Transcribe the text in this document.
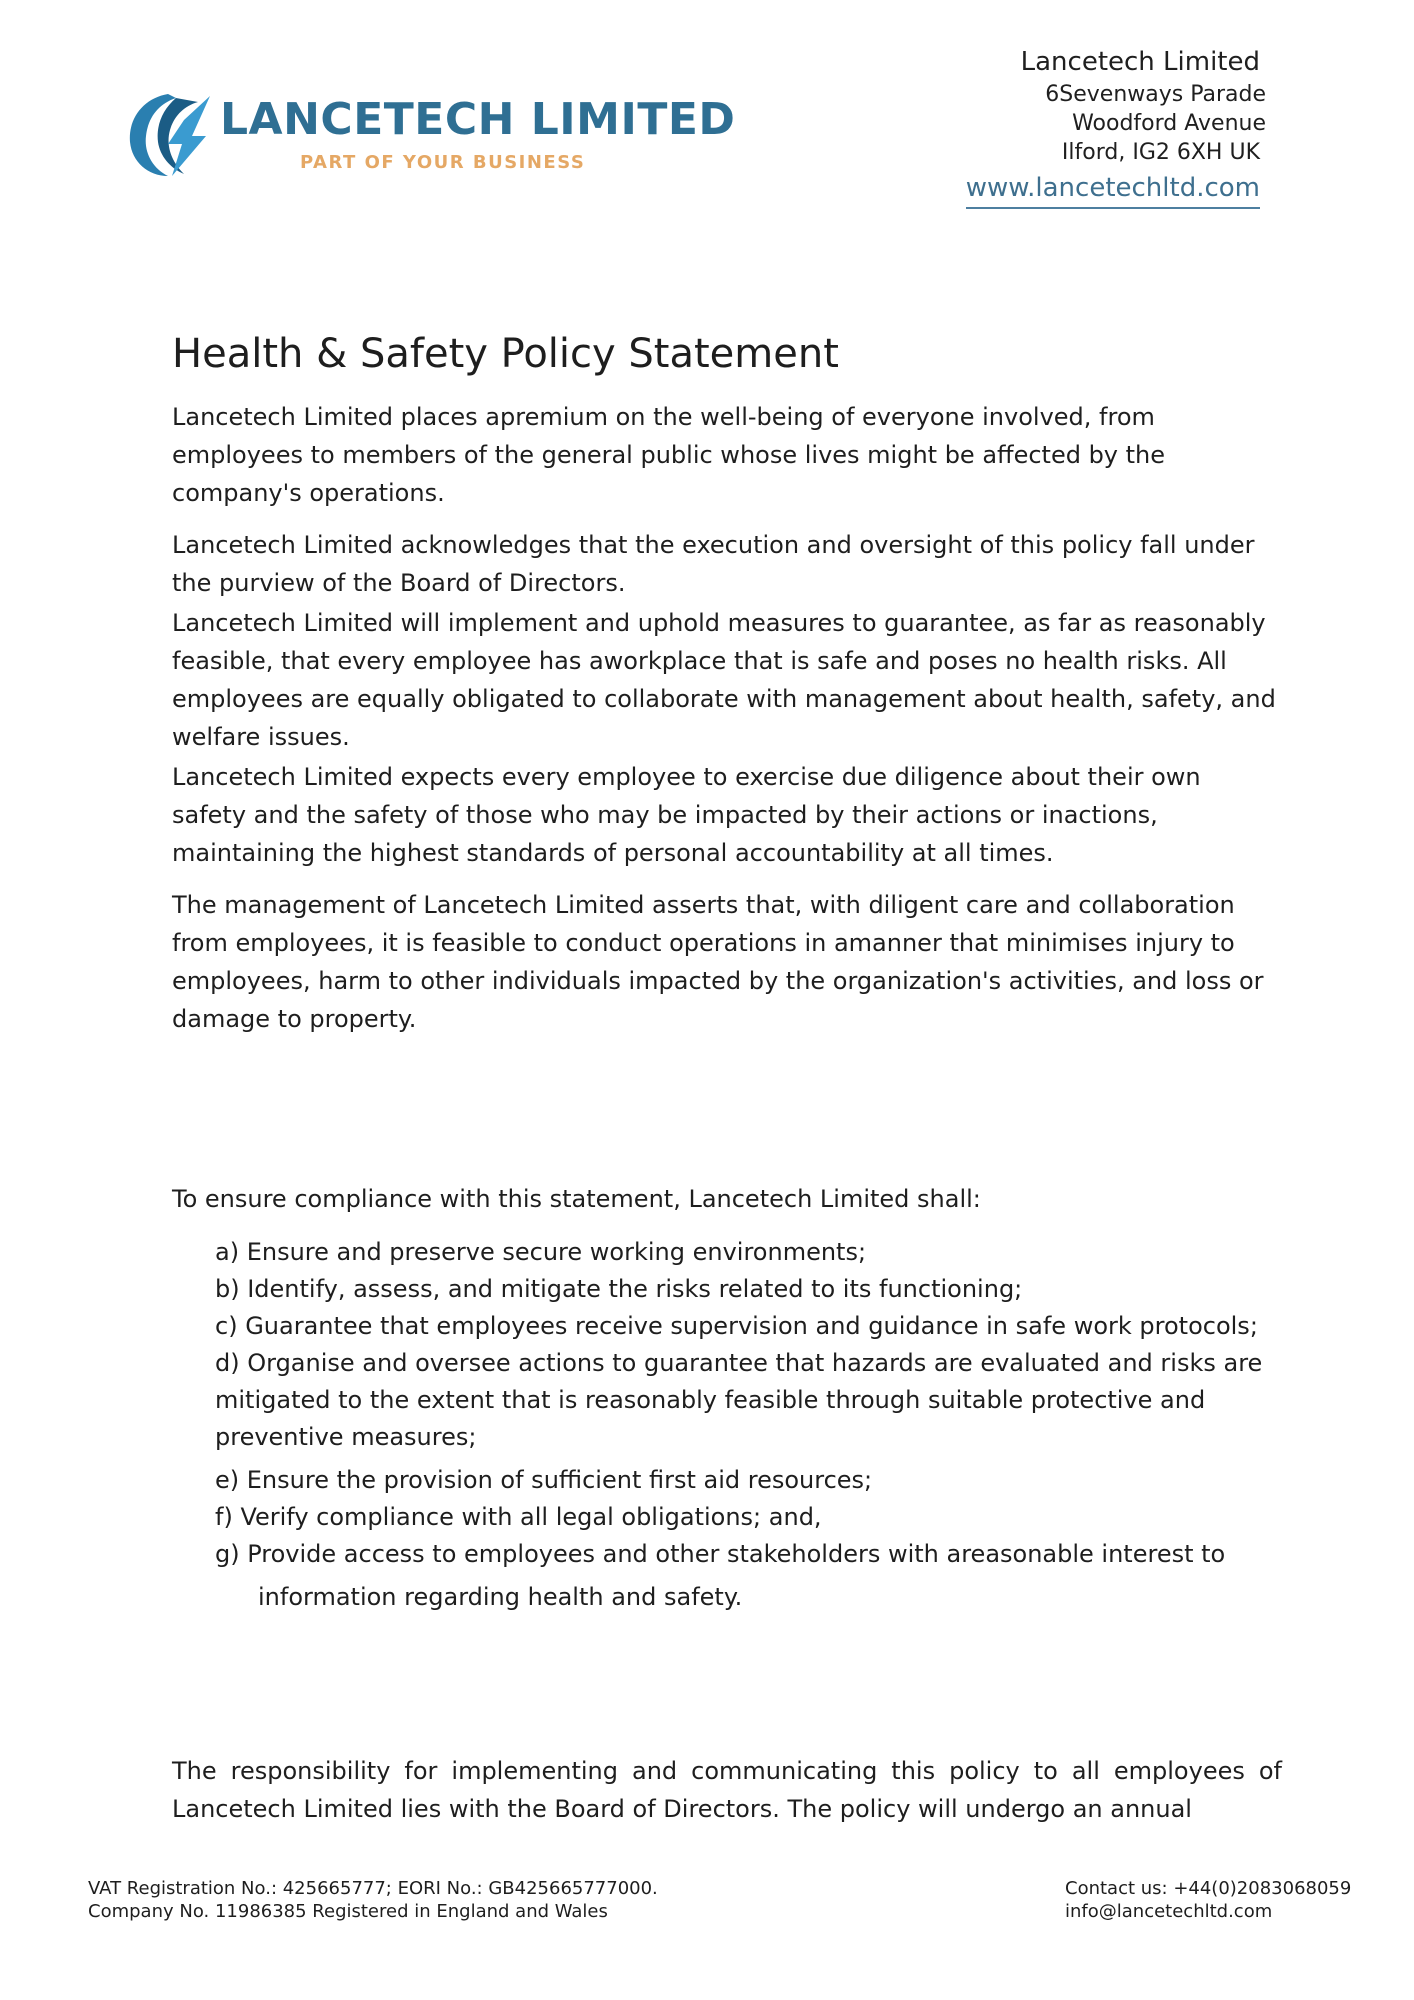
LANCETECH LIMITED
PART OF YOUR BUSINESS
Lancetech Limited
6Sevenways Parade
Woodford Avenue
Ilford, IG2 6XH UK
www.lancetechltd.com
Health & Safety Policy Statement

Lancetech Limited places apremium on the well-being of everyone involved, from employees to members of the general public whose lives might be affected by the company's operations.

Lancetech Limited acknowledges that the execution and oversight of this policy fall under the purview of the Board of Directors.

Lancetech Limited will implement and uphold measures to guarantee, as far as reasonably feasible, that every employee has aworkplace that is safe and poses no health risks. All employees are equally obligated to collaborate with management about health, safety, and welfare issues.

Lancetech Limited expects every employee to exercise due diligence about their own safety and the safety of those who may be impacted by their actions or inactions, maintaining the highest standards of personal accountability at all times.

The management of Lancetech Limited asserts that, with diligent care and collaboration from employees, it is feasible to conduct operations in amanner that minimises injury to employees, harm to other individuals impacted by the organization's activities, and loss or damage to property.

To ensure compliance with this statement, Lancetech Limited shall:

a) Ensure and preserve secure working environments;
b) Identify, assess, and mitigate the risks related to its functioning;
c) Guarantee that employees receive supervision and guidance in safe work protocols;
d) Organise and oversee actions to guarantee that hazards are evaluated and risks are mitigated to the extent that is reasonably feasible through suitable protective and preventive measures;
e) Ensure the provision of sufficient first aid resources;
f) Verify compliance with all legal obligations; and,
g) Provide access to employees and other stakeholders with areasonable interest to
information regarding health and safety.

The responsibility for implementing and communicating this policy to all employees of Lancetech Limited lies with the Board of Directors. The policy will undergo an annual

VAT Registration No.: 425665777; EORI No.: GB425665777000.
Company No. 11986385 Registered in England and Wales
Contact us: +44(0)2083068059
info@lancetechltd.com
